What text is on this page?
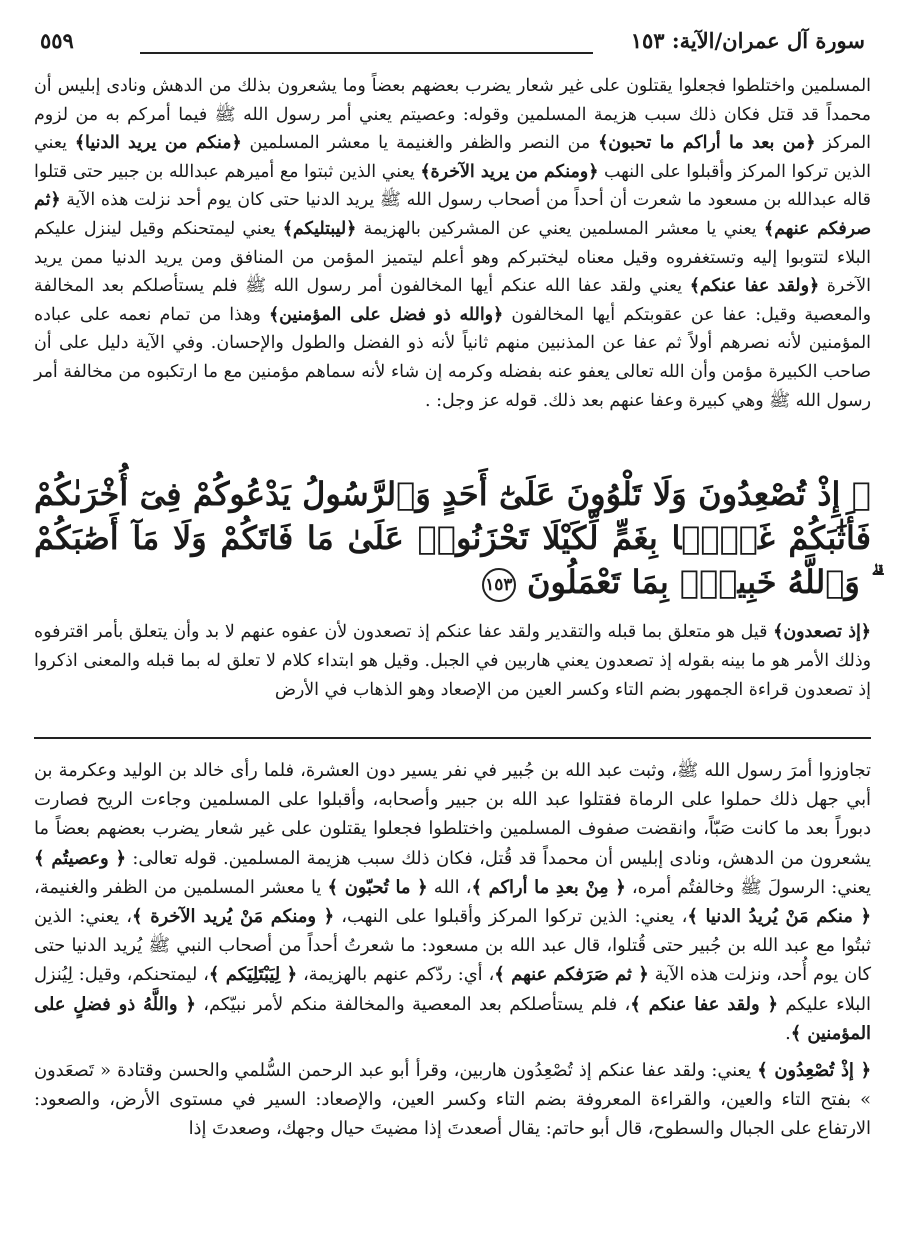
سورة آل عمران/الآية: ١٥٣
٥٥٩

المسلمين واختلطوا فجعلوا يقتلون على غير شعار يضرب بعضهم بعضاً وما يشعرون بذلك من الدهش ونادى إبليس أن محمداً قد قتل فكان ذلك سبب هزيمة المسلمين وقوله: وعصيتم يعني أمر رسول الله ﷺ فيما أمركم به من لزوم المركز ﴿من بعد ما أراكم ما تحبون﴾ من النصر والظفر والغنيمة يا معشر المسلمين ﴿منكم من يريد الدنيا﴾ يعني الذين تركوا المركز وأقبلوا على النهب ﴿ومنكم من يريد الآخرة﴾ يعني الذين ثبتوا مع أميرهم عبدالله بن جبير حتى قتلوا قاله عبدالله بن مسعود ما شعرت أن أحداً من أصحاب رسول الله ﷺ يريد الدنيا حتى كان يوم أحد نزلت هذه الآية ﴿ثم صرفكم عنهم﴾ يعني يا معشر المسلمين يعني عن المشركين بالهزيمة ﴿ليبتليكم﴾ يعني ليمتحنكم وقيل لينزل عليكم البلاء لتتوبوا إليه وتستغفروه وقيل معناه ليختبركم وهو أعلم ليتميز المؤمن من المنافق ومن يريد الدنيا ممن يريد الآخرة ﴿ولقد عفا عنكم﴾ يعني ولقد عفا الله عنكم أيها المخالفون أمر رسول الله ﷺ فلم يستأصلكم بعد المخالفة والمعصية وقيل: عفا عن عقوبتكم أيها المخالفون ﴿والله ذو فضل على المؤمنين﴾ وهذا من تمام نعمه على عباده المؤمنين لأنه نصرهم أولاً ثم عفا عن المذنبين منهم ثانياً لأنه ذو الفضل والطول والإحسان. وفي الآية دليل على أن صاحب الكبيرة مؤمن وأن الله تعالى يعفو عنه بفضله وكرمه إن شاء لأنه سماهم مؤمنين مع ما ارتكبوه من مخالفة أمر رسول الله ﷺ وهي كبيرة وعفا عنهم بعد ذلك. قوله عز وجل: .

﴿ إِذْ تُصْعِدُونَ وَلَا تَلْوُونَ عَلَىٰٓ أَحَدٍ وَٱلرَّسُولُ يَدْعُوكُمْ فِىٓ أُخْرَىٰكُمْ فَأَثَٰبَكُمْ غَمًّۢا بِغَمٍّ لِّكَيْلَا تَحْزَنُوا۟ عَلَىٰ مَا فَاتَكُمْ وَلَا مَآ أَصَٰبَكُمْ ۗ وَٱللَّهُ خَبِيرٌۢ بِمَا تَعْمَلُونَ ١٥٣

﴿إذ تصعدون﴾ قيل هو متعلق بما قبله والتقدير ولقد عفا عنكم إذ تصعدون لأن عفوه عنهم لا بد وأن يتعلق بأمر اقترفوه وذلك الأمر هو ما بينه بقوله إذ تصعدون يعني هاربين في الجبل. وقيل هو ابتداء كلام لا تعلق له بما قبله والمعنى اذكروا إذ تصعدون قراءة الجمهور بضم التاء وكسر العين من الإصعاد وهو الذهاب في الأرض

تجاوزوا أمرَ رسول الله ﷺ، وثبت عبد الله بن جُبير في نفر يسير دون العشرة، فلما رأى خالد بن الوليد وعكرمة بن أبي جهل ذلك حملوا على الرماة فقتلوا عبد الله بن جبير وأصحابه، وأقبلوا على المسلمين وجاءت الريح فصارت دبوراً بعد ما كانت صَبّاً، وانقضت صفوف المسلمين واختلطوا فجعلوا يقتلون على غير شعار يضرب بعضهم بعضاً ما يشعرون من الدهش، ونادى إبليس أن محمداً قد قُتل، فكان ذلك سبب هزيمة المسلمين. قوله تعالى: ﴿ وعصيتُم ﴾ يعني: الرسولَ ﷺ وخالفتُم أمره، ﴿ مِنْ بعدِ ما أراكم ﴾، الله ﴿ ما تُحبّون ﴾ يا معشر المسلمين من الظفر والغنيمة، ﴿ منكم مَنْ يُريدُ الدنيا ﴾، يعني: الذين تركوا المركز وأقبلوا على النهب، ﴿ ومنكم مَنْ يُريد الآخرة ﴾، يعني: الذين ثبتُوا مع عبد الله بن جُبير حتى قُتلوا، قال عبد الله بن مسعود: ما شعرتُ أحداً من أصحاب النبي ﷺ يُريد الدنيا حتى كان يوم أُحد، ونزلت هذه الآية ﴿ ثم صَرَفكم عنهم ﴾، أي: ردّكم عنهم بالهزيمة، ﴿ لِيَبْتَلِيَكم ﴾، ليمتحنكم، وقيل: لِيُنزل البلاء عليكم ﴿ ولقد عفا عنكم ﴾، فلم يستأصلكم بعد المعصية والمخالفة منكم لأمر نبيّكم، ﴿ واللَّهُ ذو فضلٍ على المؤمنين ﴾.

﴿ إذْ تُصْعِدُون ﴾ يعني: ولقد عفا عنكم إذ تُصْعِدُون هاربين، وقرأ أبو عبد الرحمن السُّلمي والحسن وقتادة « تَصعَدون » بفتح التاء والعين، والقراءة المعروفة بضم التاء وكسر العين، والإصعاد: السير في مستوى الأرض، والصعود: الارتفاع على الجبال والسطوح، قال أبو حاتم: يقال أصعدتَ إذا مضيتَ حيال وجهك، وصعدتَ إذا
